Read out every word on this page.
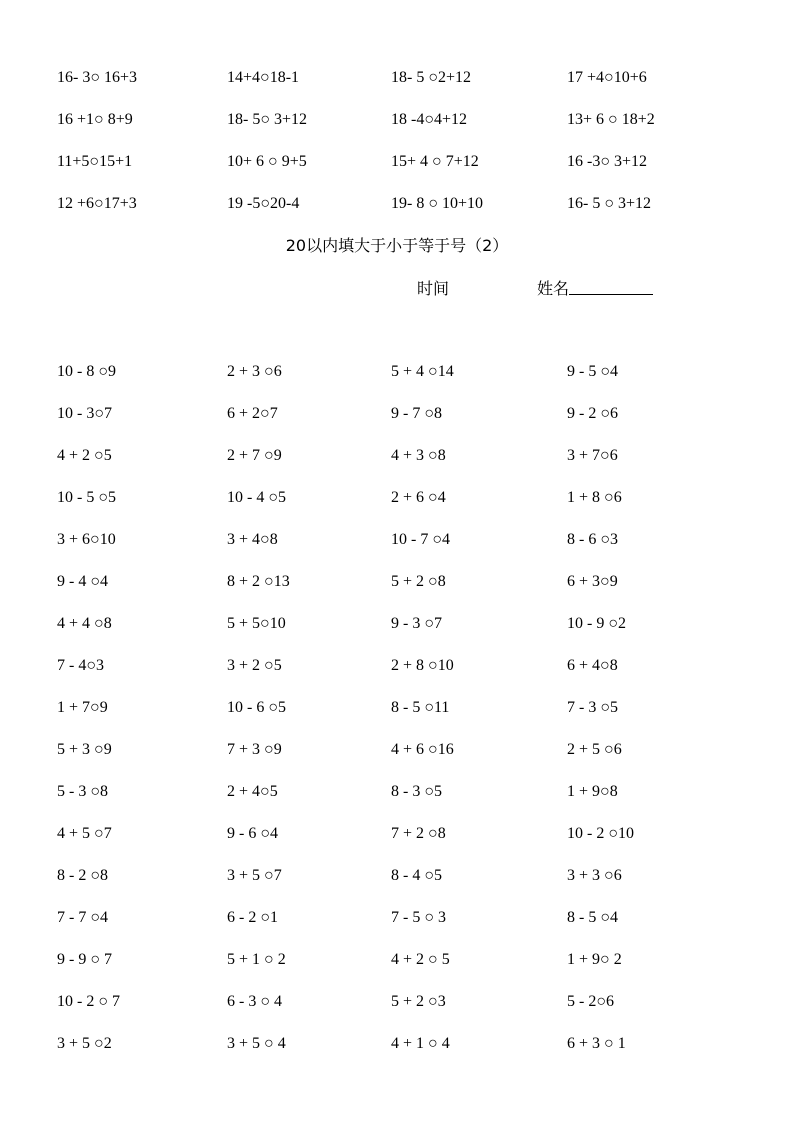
16- 3○ 16+3	14+4○18-1	18- 5 ○2+12	17 +4○10+6
16 +1○ 8+9	18- 5○ 3+12	18 -4○4+12	13+ 6 ○ 18+2
11+5○15+1	10+ 6 ○ 9+5	15+ 4 ○ 7+12	16 -3○ 3+12
12 +6○17+3	19 -5○20-4	19- 8 ○ 10+10	16- 5 ○ 3+12
20以内填大于小于等于号（2）
时间	姓名
10 - 8 ○9	2 + 3 ○6	5 + 4 ○14	9 - 5 ○4
10 - 3○7	6 + 2○7	9 - 7 ○8	9 - 2 ○6
4 + 2 ○5	2 + 7 ○9	4 + 3 ○8	3 + 7○6
10 - 5 ○5	10 - 4 ○5	2 + 6 ○4	1 + 8 ○6
3 + 6○10	3 + 4○8	10 - 7 ○4	8 - 6 ○3
9 - 4 ○4	8 + 2 ○13	5 + 2 ○8	6 + 3○9
4 + 4 ○8	5 + 5○10	9 - 3 ○7	10 - 9 ○2
7 - 4○3	3 + 2 ○5	2 + 8 ○10	6 + 4○8
1 + 7○9	10 - 6 ○5	8 - 5 ○11	7 - 3 ○5
5 + 3 ○9	7 + 3 ○9	4 + 6 ○16	2 + 5 ○6
5 - 3 ○8	2 + 4○5	8 - 3 ○5	1 + 9○8
4 + 5 ○7	9 - 6 ○4	7 + 2 ○8	10 - 2 ○10
8 - 2 ○8	3 + 5 ○7	8 - 4 ○5	3 + 3 ○6
7 - 7 ○4	6 - 2 ○1	7 - 5 ○ 3	8 - 5 ○4
9 - 9 ○ 7	5 + 1 ○ 2	4 + 2 ○ 5	1 + 9○ 2
10 - 2 ○ 7	6 - 3 ○ 4	5 + 2 ○3	5 - 2○6
3 + 5 ○2	3 + 5 ○ 4	4 + 1 ○ 4	6 + 3 ○ 1
